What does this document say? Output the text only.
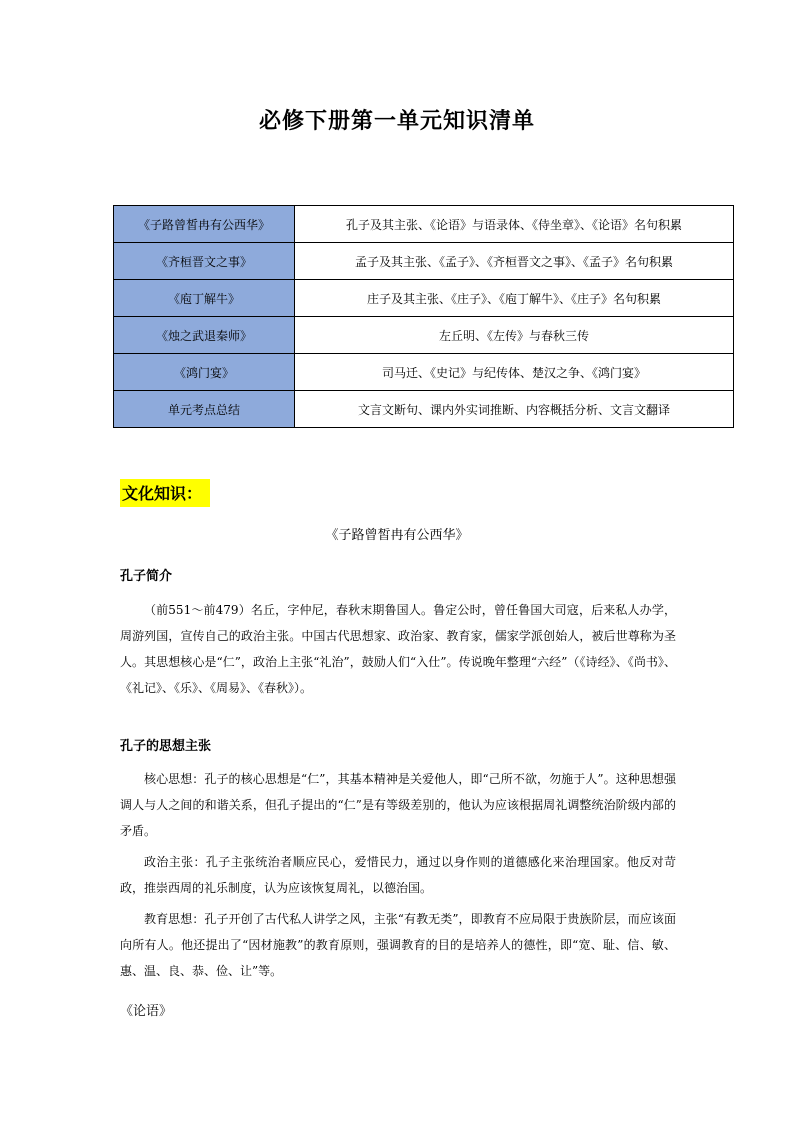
必修下册第一单元知识清单
《子路曾皙冉有公西华》	孔子及其主张、《论语》与语录体、《侍坐章》、《论语》名句积累
《齐桓晋文之事》	孟子及其主张、《孟子》、《齐桓晋文之事》、《孟子》名句积累
《庖丁解牛》	庄子及其主张、《庄子》、《庖丁解牛》、《庄子》名句积累
《烛之武退秦师》	左丘明、《左传》与春秋三传
《鸿门宴》	司马迁、《史记》与纪传体、楚汉之争、《鸿门宴》
单元考点总结	文言文断句、课内外实词推断、内容概括分析、文言文翻译
文化知识：
《子路曾皙冉有公西华》
孔子简介
（前551～前479）名丘，字仲尼，春秋末期鲁国人。鲁定公时，曾任鲁国大司寇，后来私人办学，周游列国，宣传自己的政治主张。中国古代思想家、政治家、教育家，儒家学派创始人，被后世尊称为圣人。其思想核心是“仁”，政治上主张“礼治”，鼓励人们“入仕”。传说晚年整理“六经”（《诗经》、《尚书》、《礼记》、《乐》、《周易》、《春秋》）。
孔子的思想主张
核心思想：孔子的核心思想是“仁”，其基本精神是关爱他人，即“己所不欲，勿施于人”。这种思想强调人与人之间的和谐关系，但孔子提出的“仁”是有等级差别的，他认为应该根据周礼调整统治阶级内部的矛盾。
政治主张：孔子主张统治者顺应民心，爱惜民力，通过以身作则的道德感化来治理国家。他反对苛政，推崇西周的礼乐制度，认为应该恢复周礼，以德治国。
教育思想：孔子开创了古代私人讲学之风，主张“有教无类”，即教育不应局限于贵族阶层，而应该面向所有人。他还提出了“因材施教”的教育原则，强调教育的目的是培养人的德性，即“宽、耻、信、敏、惠、温、良、恭、俭、让”等。
《论语》
